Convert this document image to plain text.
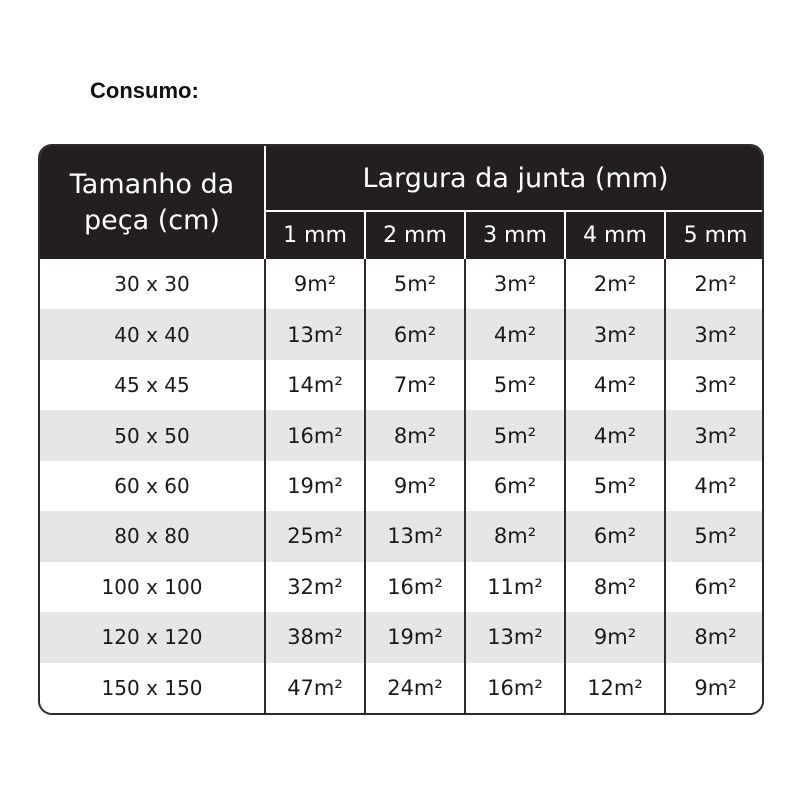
Consumo:
Tamanho da peça (cm)	Largura da junta (mm)				
	1 mm	2 mm	3 mm	4 mm	5 mm
30 x 30	9m²	5m²	3m²	2m²	2m²
40 x 40	13m²	6m²	4m²	3m²	3m²
45 x 45	14m²	7m²	5m²	4m²	3m²
50 x 50	16m²	8m²	5m²	4m²	3m²
60 x 60	19m²	9m²	6m²	5m²	4m²
80 x 80	25m²	13m²	8m²	6m²	5m²
100 x 100	32m²	16m²	11m²	8m²	6m²
120 x 120	38m²	19m²	13m²	9m²	8m²
150 x 150	47m²	24m²	16m²	12m²	9m²
